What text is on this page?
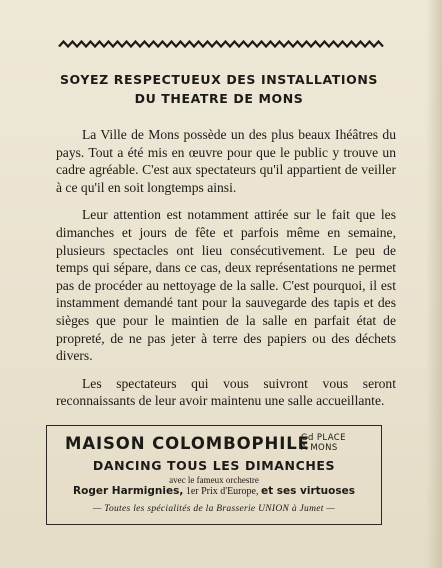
SOYEZ RESPECTUEUX DES INSTALLATIONS
DU THEATRE DE MONS

La Ville de Mons possède un des plus beaux Ihéâtres du pays. Tout a été mis en œuvre pour que le public y trouve un cadre agréable. C'est aux spectateurs qu'il appartient de veiller à ce qu'il en soit longtemps ainsi.

Leur attention est notamment attirée sur le fait que les dimanches et jours de fête et parfois même en semaine, plusieurs spectacles ont lieu consécutivement. Le peu de temps qui sépare, dans ce cas, deux représentations ne permet pas de procéder au nettoyage de la salle. C'est pourquoi, il est instamment demandé tant pour la sauvegarde des tapis et des sièges que pour le maintien de la salle en parfait état de propreté, de ne pas jeter à terre des papiers ou des déchets divers.

Les spectateurs qui vous suivront vous seront reconnaissants de leur avoir maintenu une salle accueillante.

MAISON COLOMBOPHILE
Gd PLACE
A MONS
DANCING TOUS LES DIMANCHES
avec le fameux orchestre
Roger Harmignies, 1er Prix d'Europe, et ses virtuoses
— Toutes les spécialités de la Brasserie UNION à Jumet —
